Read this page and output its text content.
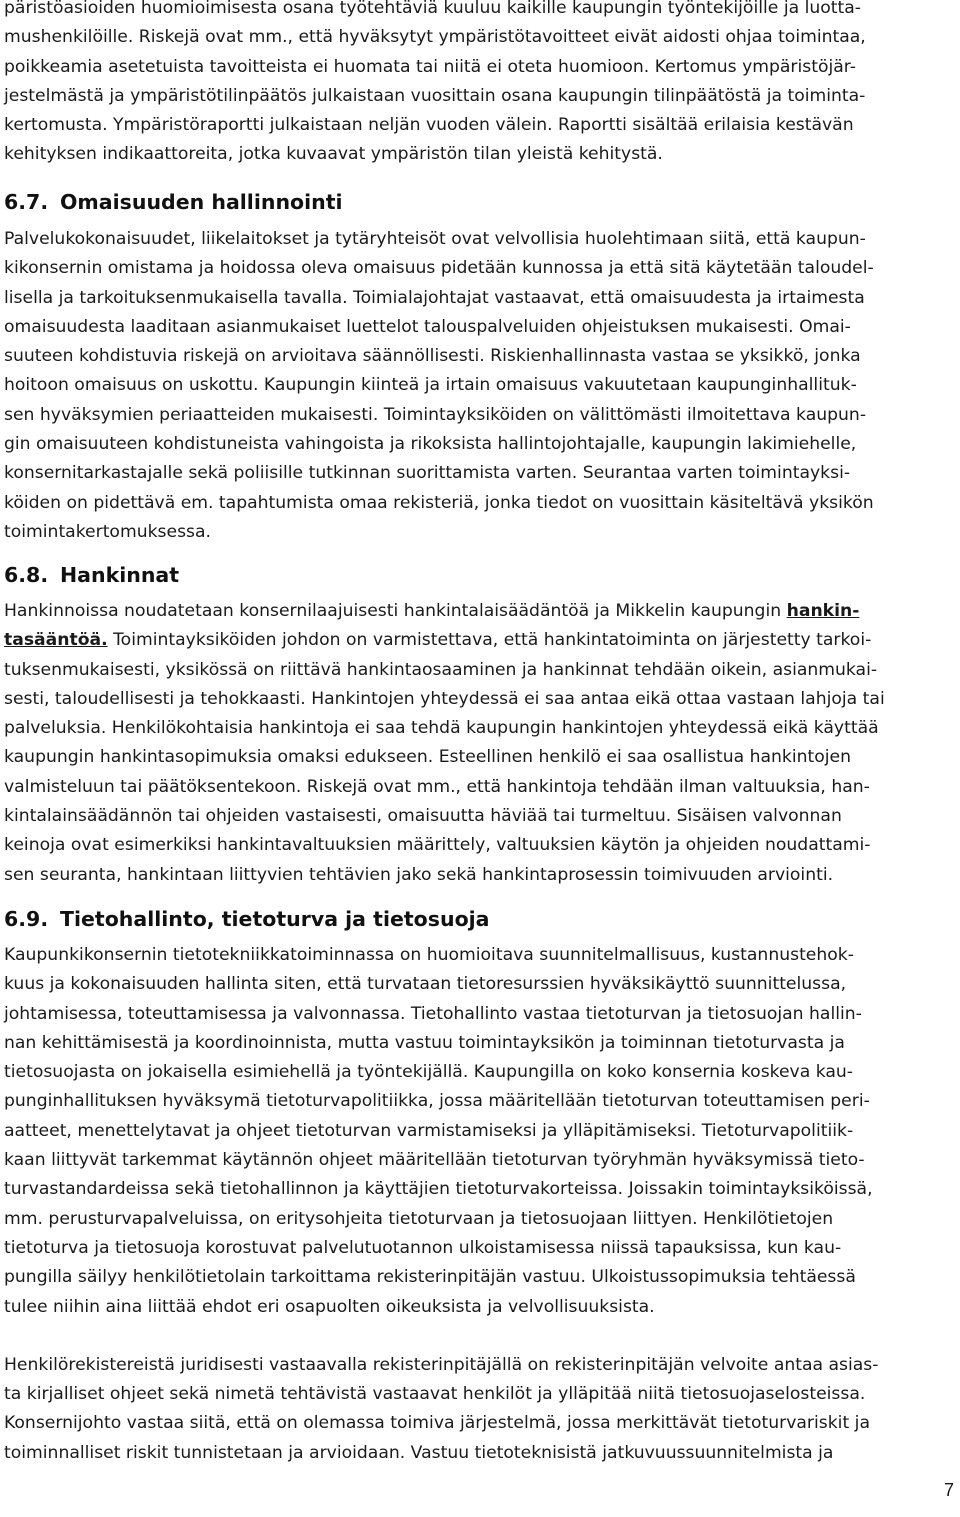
päristöasioiden huomioimisesta osana työtehtäviä kuuluu kaikille kaupungin työntekijöille ja luotta-

mushenkilöille. Riskejä ovat mm., että hyväksytyt ympäristötavoitteet eivät aidosti ohjaa toimintaa,

poikkeamia asetetuista tavoitteista ei huomata tai niitä ei oteta huomioon. Kertomus ympäristöjär-

jestelmästä ja ympäristötilinpäätös julkaistaan vuosittain osana kaupungin tilinpäätöstä ja toiminta-

kertomusta. Ympäristöraportti julkaistaan neljän vuoden välein. Raportti sisältää erilaisia kestävän

kehityksen indikaattoreita, jotka kuvaavat ympäristön tilan yleistä kehitystä.

6.7. Omaisuuden hallinnointi

Palvelukokonaisuudet, liikelaitokset ja tytäryhteisöt ovat velvollisia huolehtimaan siitä, että kaupun-

kikonsernin omistama ja hoidossa oleva omaisuus pidetään kunnossa ja että sitä käytetään taloudel-

lisella ja tarkoituksenmukaisella tavalla. Toimialajohtajat vastaavat, että omaisuudesta ja irtaimesta

omaisuudesta laaditaan asianmukaiset luettelot talouspalveluiden ohjeistuksen mukaisesti. Omai-

suuteen kohdistuvia riskejä on arvioitava säännöllisesti. Riskienhallinnasta vastaa se yksikkö, jonka

hoitoon omaisuus on uskottu. Kaupungin kiinteä ja irtain omaisuus vakuutetaan kaupunginhallituk-

sen hyväksymien periaatteiden mukaisesti. Toimintayksiköiden on välittömästi ilmoitettava kaupun-

gin omaisuuteen kohdistuneista vahingoista ja rikoksista hallintojohtajalle, kaupungin lakimiehelle,

konsernitarkastajalle sekä poliisille tutkinnan suorittamista varten. Seurantaa varten toimintayksi-

köiden on pidettävä em. tapahtumista omaa rekisteriä, jonka tiedot on vuosittain käsiteltävä yksikön

toimintakertomuksessa.

6.8. Hankinnat

Hankinnoissa noudatetaan konsernilaajuisesti hankintalaisäädäntöä ja Mikkelin kaupungin hankin-

tasääntöä. Toimintayksiköiden johdon on varmistettava, että hankintatoiminta on järjestetty tarkoi-

tuksenmukaisesti, yksikössä on riittävä hankintaosaaminen ja hankinnat tehdään oikein, asianmukai-

sesti, taloudellisesti ja tehokkaasti. Hankintojen yhteydessä ei saa antaa eikä ottaa vastaan lahjoja tai

palveluksia. Henkilökohtaisia hankintoja ei saa tehdä kaupungin hankintojen yhteydessä eikä käyttää

kaupungin hankintasopimuksia omaksi edukseen. Esteellinen henkilö ei saa osallistua hankintojen

valmisteluun tai päätöksentekoon. Riskejä ovat mm., että hankintoja tehdään ilman valtuuksia, han-

kintalainsäädännön tai ohjeiden vastaisesti, omaisuutta häviää tai turmeltuu. Sisäisen valvonnan

keinoja ovat esimerkiksi hankintavaltuuksien määrittely, valtuuksien käytön ja ohjeiden noudattami-

sen seuranta, hankintaan liittyvien tehtävien jako sekä hankintaprosessin toimivuuden arviointi.

6.9. Tietohallinto, tietoturva ja tietosuoja

Kaupunkikonsernin tietotekniikkatoiminnassa on huomioitava suunnitelmallisuus, kustannustehok-

kuus ja kokonaisuuden hallinta siten, että turvataan tietoresurssien hyväksikäyttö suunnittelussa,

johtamisessa, toteuttamisessa ja valvonnassa. Tietohallinto vastaa tietoturvan ja tietosuojan hallin-

nan kehittämisestä ja koordinoinnista, mutta vastuu toimintayksikön ja toiminnan tietoturvasta ja

tietosuojasta on jokaisella esimiehellä ja työntekijällä. Kaupungilla on koko konsernia koskeva kau-

punginhallituksen hyväksymä tietoturvapolitiikka, jossa määritellään tietoturvan toteuttamisen peri-

aatteet, menettelytavat ja ohjeet tietoturvan varmistamiseksi ja ylläpitämiseksi. Tietoturvapolitiik-

kaan liittyvät tarkemmat käytännön ohjeet määritellään tietoturvan työryhmän hyväksymissä tieto-

turvastandardeissa sekä tietohallinnon ja käyttäjien tietoturvakorteissa. Joissakin toimintayksiköissä,

mm. perusturvapalveluissa, on eritysohjeita tietoturvaan ja tietosuojaan liittyen. Henkilötietojen

tietoturva ja tietosuoja korostuvat palvelutuotannon ulkoistamisessa niissä tapauksissa, kun kau-

pungilla säilyy henkilötietolain tarkoittama rekisterinpitäjän vastuu. Ulkoistussopimuksia tehtäessä

tulee niihin aina liittää ehdot eri osapuolten oikeuksista ja velvollisuuksista.

Henkilörekistereistä juridisesti vastaavalla rekisterinpitäjällä on rekisterinpitäjän velvoite antaa asias-

ta kirjalliset ohjeet sekä nimetä tehtävistä vastaavat henkilöt ja ylläpitää niitä tietosuojaselosteissa.

Konsernijohto vastaa siitä, että on olemassa toimiva järjestelmä, jossa merkittävät tietoturvariskit ja

toiminnalliset riskit tunnistetaan ja arvioidaan. Vastuu tietoteknisistä jatkuvuussuunnitelmista ja

7
